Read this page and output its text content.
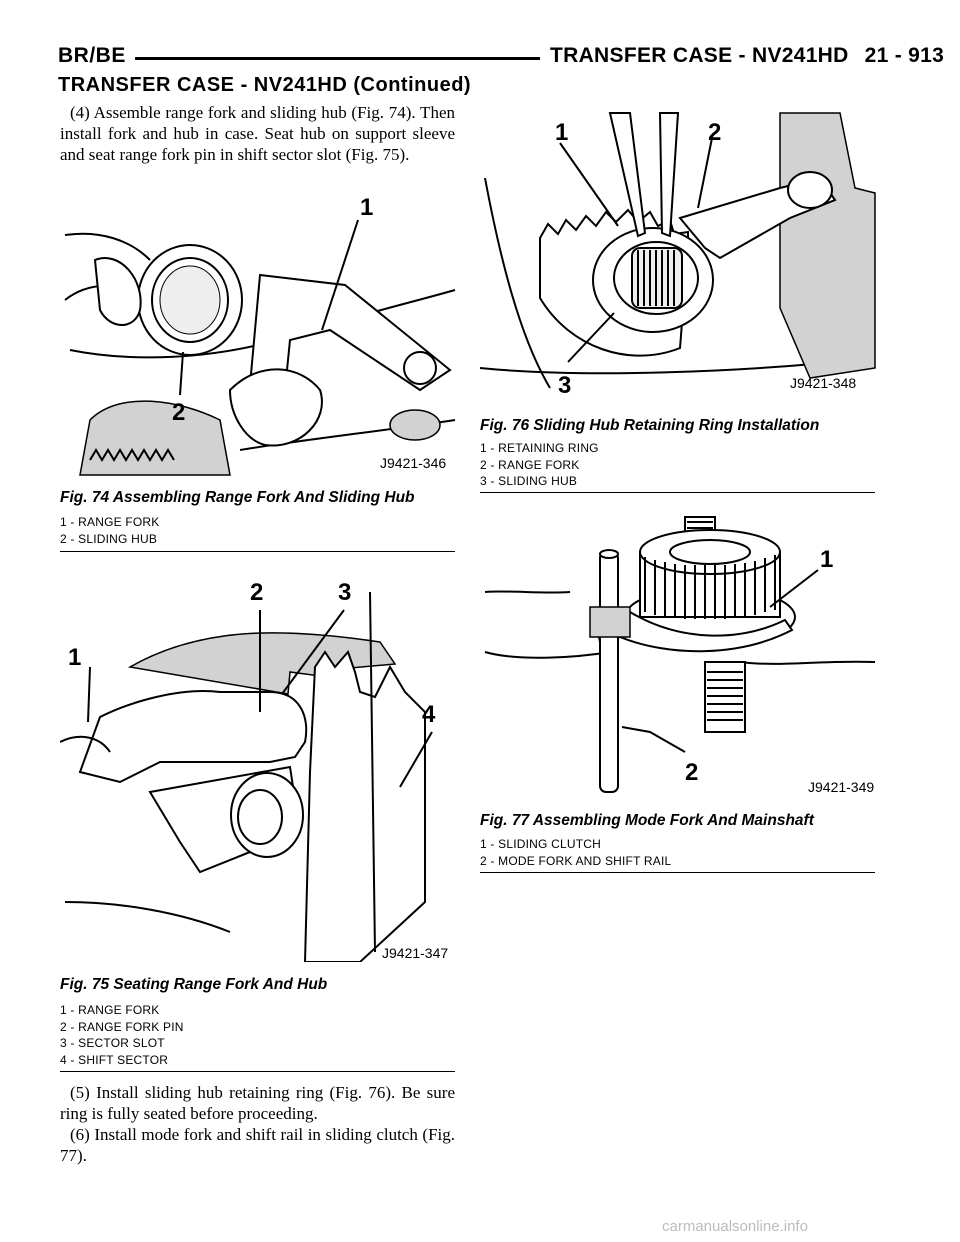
BR/BE	TRANSFER CASE - NV241HD 21 - 913
TRANSFER CASE - NV241HD (Continued)

(4) Assemble range fork and sliding hub (Fig. 74). Then install fork and hub in case. Seat hub on support sleeve and seat range fork pin in shift sector slot (Fig. 75).

1
2
J9421-346
Fig. 74 Assembling Range Fork And Sliding Hub
1 - RANGE FORK
2 - SLIDING HUB
1
2	3
4
J9421-347
Fig. 75 Seating Range Fork And Hub
1 - RANGE FORK
2 - RANGE FORK PIN
3 - SECTOR SLOT
4 - SHIFT SECTOR

(5) Install sliding hub retaining ring (Fig. 76). Be sure ring is fully seated before proceeding.

(6) Install mode fork and shift rail in sliding clutch (Fig. 77).

1	2
3	J9421-348
Fig. 76 Sliding Hub Retaining Ring Installation
1 - RETAINING RING
2 - RANGE FORK
3 - SLIDING HUB
1
2
J9421-349
Fig. 77 Assembling Mode Fork And Mainshaft
1 - SLIDING CLUTCH
2 - MODE FORK AND SHIFT RAIL
carmanualsonline.info
